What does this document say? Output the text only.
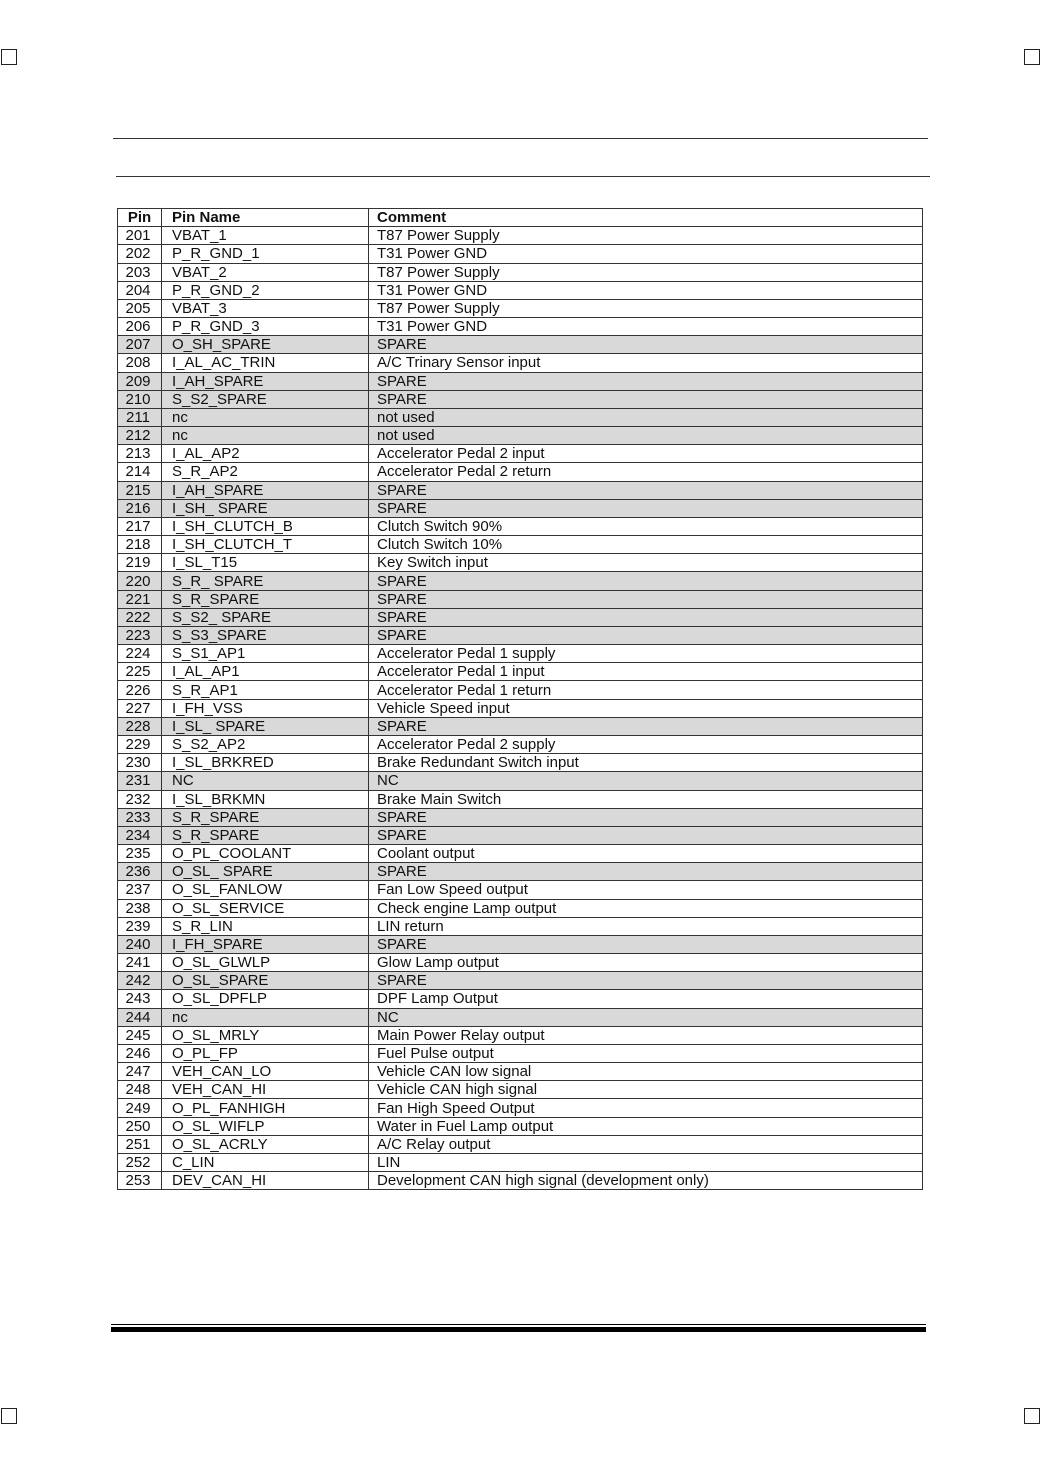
Pin	Pin Name	Comment
201	VBAT_1	T87 Power Supply
202	P_R_GND_1	T31 Power GND
203	VBAT_2	T87 Power Supply
204	P_R_GND_2	T31 Power GND
205	VBAT_3	T87 Power Supply
206	P_R_GND_3	T31 Power GND
207	O_SH_SPARE	SPARE
208	I_AL_AC_TRIN	A/C Trinary Sensor input
209	I_AH_SPARE	SPARE
210	S_S2_SPARE	SPARE
211	nc	not used
212	nc	not used
213	I_AL_AP2	Accelerator Pedal 2 input
214	S_R_AP2	Accelerator Pedal 2 return
215	I_AH_SPARE	SPARE
216	I_SH_ SPARE	SPARE
217	I_SH_CLUTCH_B	Clutch Switch 90%
218	I_SH_CLUTCH_T	Clutch Switch 10%
219	I_SL_T15	Key Switch input
220	S_R_ SPARE	SPARE
221	S_R_SPARE	SPARE
222	S_S2_ SPARE	SPARE
223	S_S3_SPARE	SPARE
224	S_S1_AP1	Accelerator Pedal 1 supply
225	I_AL_AP1	Accelerator Pedal 1 input
226	S_R_AP1	Accelerator Pedal 1 return
227	I_FH_VSS	Vehicle Speed input
228	I_SL_ SPARE	SPARE
229	S_S2_AP2	Accelerator Pedal 2 supply
230	I_SL_BRKRED	Brake Redundant Switch input
231	NC	NC
232	I_SL_BRKMN	Brake Main Switch
233	S_R_SPARE	SPARE
234	S_R_SPARE	SPARE
235	O_PL_COOLANT	Coolant output
236	O_SL_ SPARE	SPARE
237	O_SL_FANLOW	Fan Low Speed output
238	O_SL_SERVICE	Check engine Lamp output
239	S_R_LIN	LIN return
240	I_FH_SPARE	SPARE
241	O_SL_GLWLP	Glow Lamp output
242	O_SL_SPARE	SPARE
243	O_SL_DPFLP	DPF Lamp Output
244	nc	NC
245	O_SL_MRLY	Main Power Relay output
246	O_PL_FP	Fuel Pulse output
247	VEH_CAN_LO	Vehicle CAN low signal
248	VEH_CAN_HI	Vehicle CAN high signal
249	O_PL_FANHIGH	Fan High Speed Output
250	O_SL_WIFLP	Water in Fuel Lamp output
251	O_SL_ACRLY	A/C Relay output
252	C_LIN	LIN
253	DEV_CAN_HI	Development CAN high signal (development only)
